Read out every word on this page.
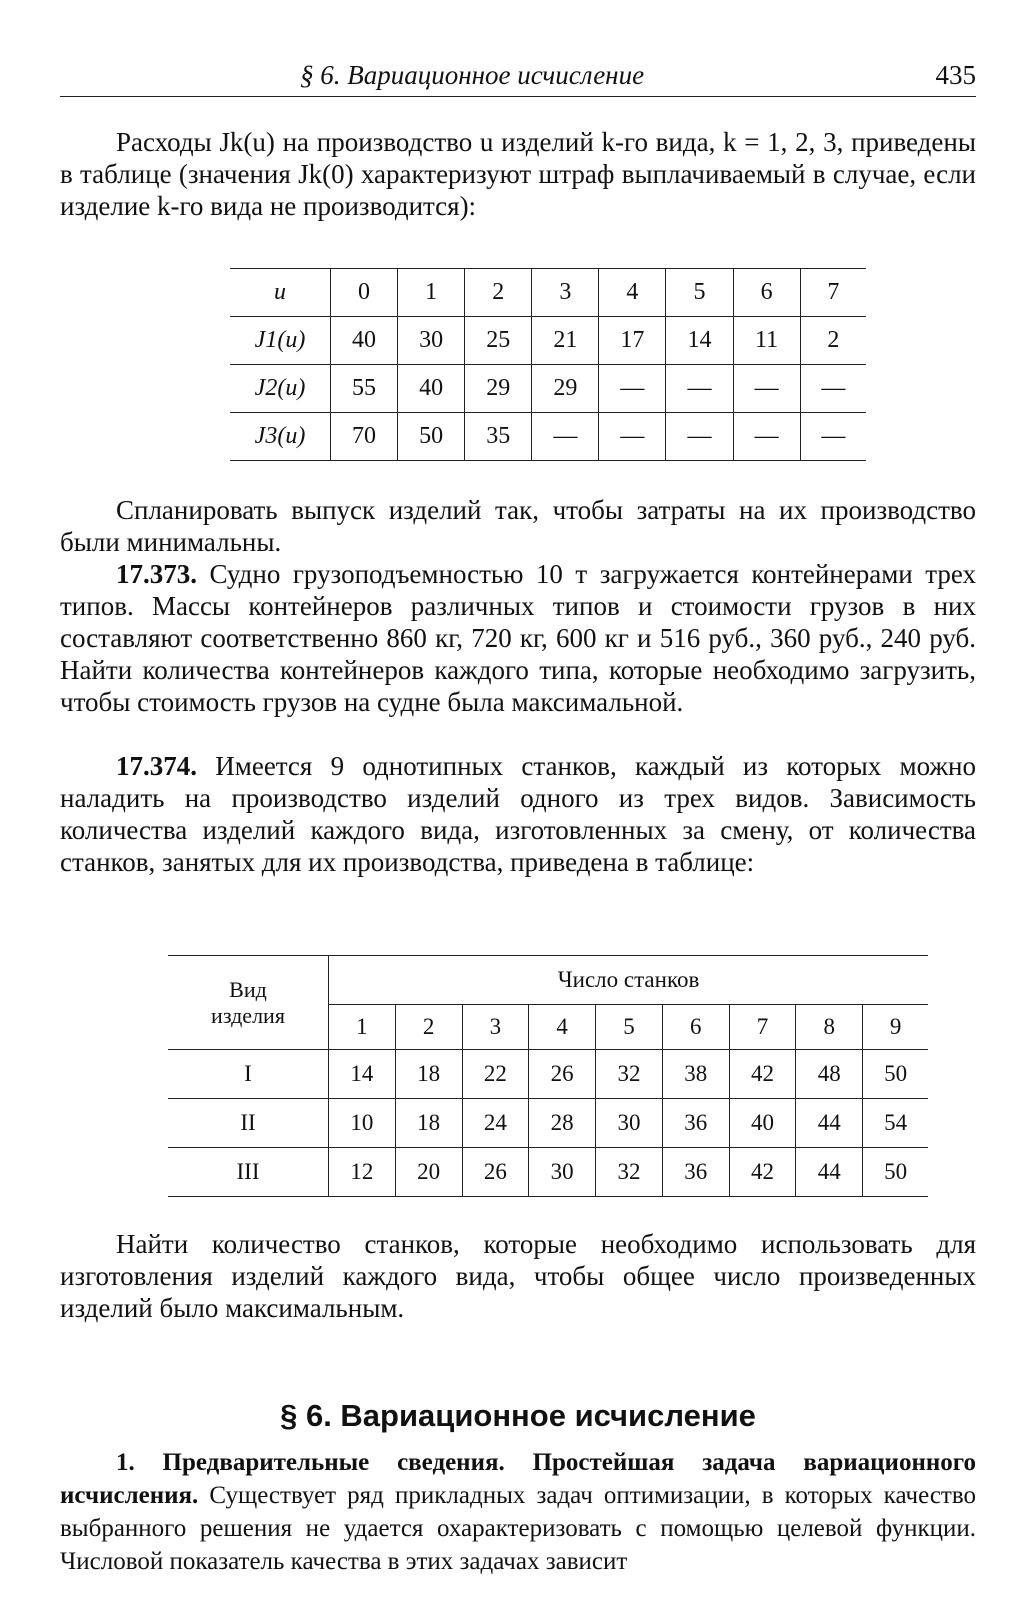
§ 6. Вариационное исчисление	435

Расходы Jk(u) на производство u изделий k-го вида, k = 1, 2, 3, приведены в таблице (значения Jk(0) характеризуют штраф выплачиваемый в случае, если изделие k-го вида не производится):

u	0	1	2	3	4	5	6	7
J1(u)	40	30	25	21	17	14	11	2
J2(u)	55	40	29	29	—	—	—	—
J3(u)	70	50	35	—	—	—	—	—

Спланировать выпуск изделий так, чтобы затраты на их производство были минимальны.

17.373. Судно грузоподъемностью 10 т загружается контейнерами трех типов. Массы контейнеров различных типов и стоимости грузов в них составляют соответственно 860 кг, 720 кг, 600 кг и 516 руб., 360 руб., 240 руб. Найти количества контейнеров каждого типа, которые необходимо загрузить, чтобы стоимость грузов на судне была максимальной.

17.374. Имеется 9 однотипных станков, каждый из которых можно наладить на производство изделий одного из трех видов. Зависимость количества изделий каждого вида, изготовленных за смену, от количества станков, занятых для их производства, приведена в таблице:

Вид
изделия	Число станков								
	1	2	3	4	5	6	7	8	9
I	14	18	22	26	32	38	42	48	50
II	10	18	24	28	30	36	40	44	54
III	12	20	26	30	32	36	42	44	50

Найти количество станков, которые необходимо использовать для изготовления изделий каждого вида, чтобы общее число произведенных изделий было максимальным.

§ 6. Вариационное исчисление

1. Предварительные сведения. Простейшая задача вариационного исчисления. Существует ряд прикладных задач оптимизации, в которых качество выбранного решения не удается охарактеризовать с помощью целевой функции. Числовой показатель качества в этих задачах зависит
